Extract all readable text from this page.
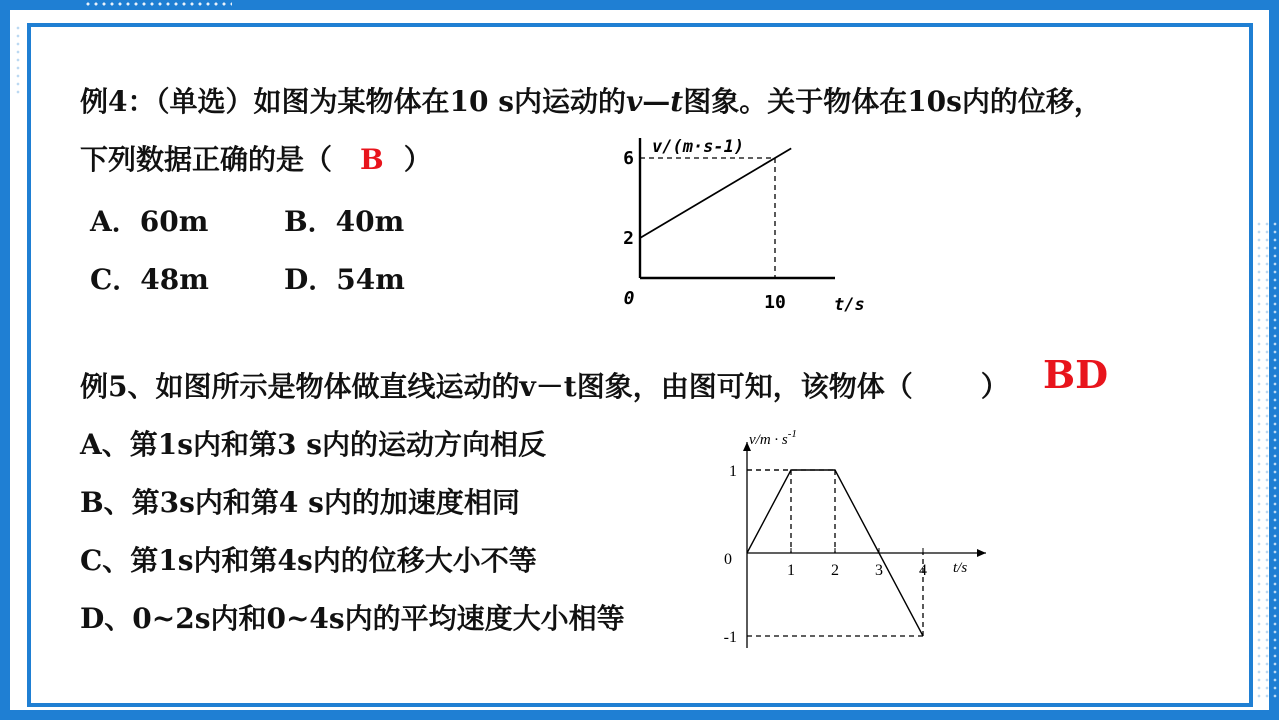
例4：（单选）如图为某物体在10 s内运动的v—t图象。关于物体在10s内的位移，
下列数据正确的是（ B ）
A．60m	B．40m
C．48m	D．54m
10
2
6
0
v/(m·s-1)
t/s
例5、如图所示是物体做直线运动的v－t图象，由图可知，该物体（ ） BD
A、第1s内和第3 s内的运动方向相反
B、第3s内和第4 s内的加速度相同
C、第1s内和第4s内的位移大小不等
D、0~2s内和0~4s内的平均速度大小相等
1 2 3 4
1
-1
0
$v/m \cdot s^{-1}$
t/s
